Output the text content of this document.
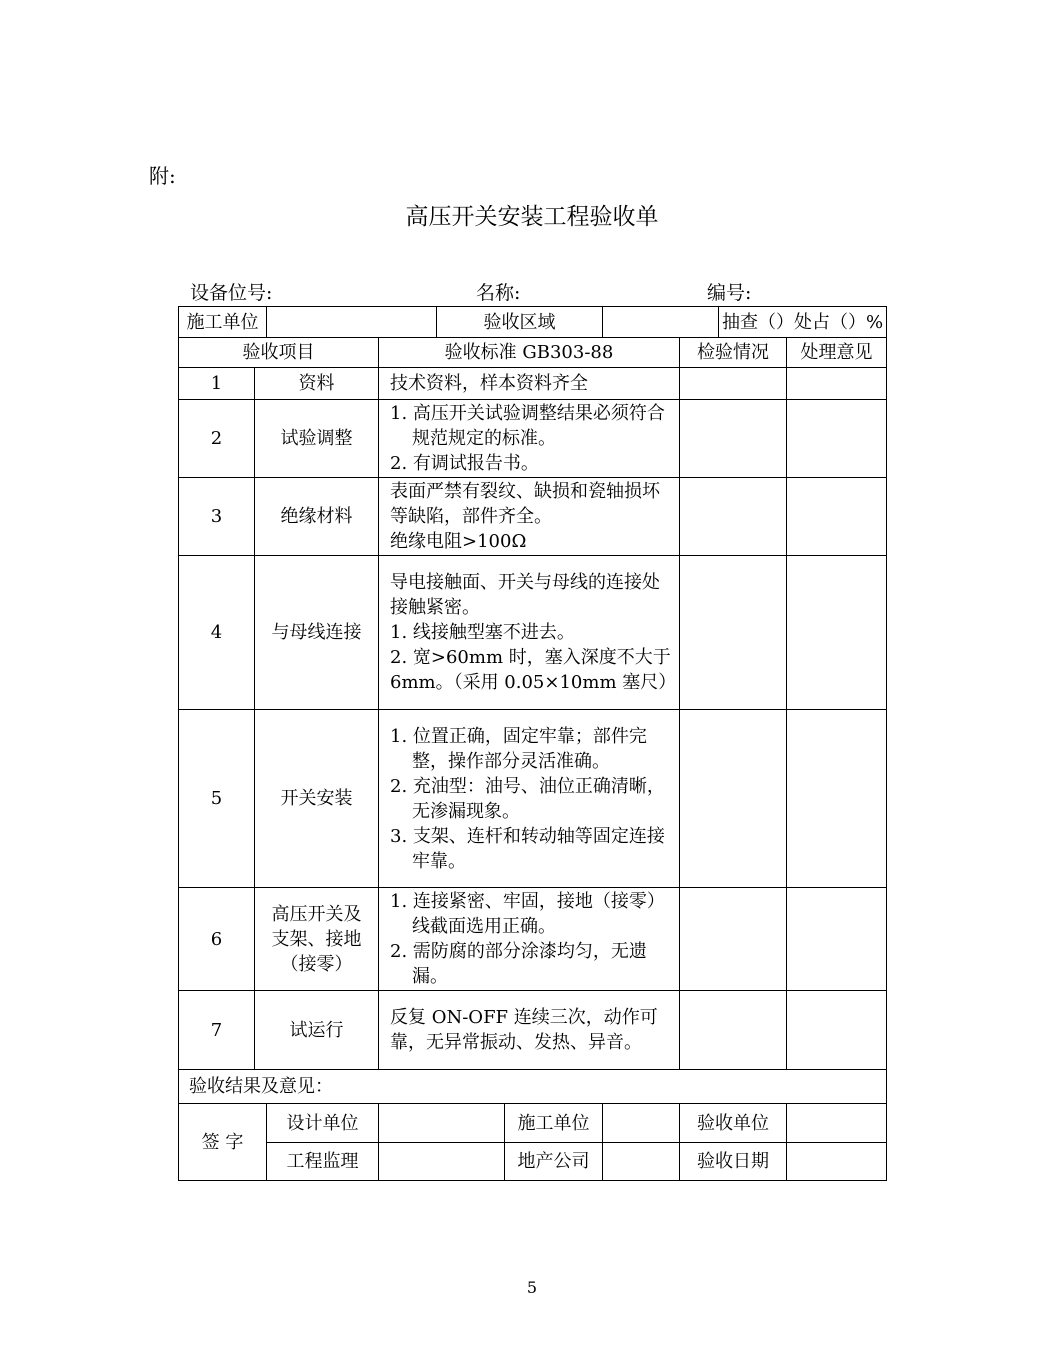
附:
高压开关安装工程验收单
设备位号:	名称:	编号:
施工单位				验收区域				抽查（）处占（）%	
验收项目			验收标准 GB303-88				检验情况		处理意见
1	资料		技术资料，样本资料齐全						

2	试验调整		1. 高压开关试验调整结果必须符合规范规定的标准。
2. 有调试报告书。						

3	绝缘材料		表面严禁有裂纹、缺损和瓷轴损坏等缺陷，部件齐全。
绝缘电阻>100Ω						

4	与母线连接		导电接触面、开关与母线的连接处接触紧密。
1. 线接触型塞不进去。
2. 宽>60mm 时，塞入深度不大于 6mm。（采用 0.05×10mm 塞尺）						

5	开关安装		1. 位置正确，固定牢靠；部件完整，操作部分灵活准确。
2. 充油型：油号、油位正确清晰，无渗漏现象。
3. 支架、连杆和转动轴等固定连接牢靠。						

6	高压开关及支架、接地（接零）		1. 连接紧密、牢固，接地（接零）线截面选用正确。
2. 需防腐的部分涂漆均匀，无遗漏。						

7	试运行		反复 ON-OFF 连续三次，动作可靠，无异常振动、发热、异音。						

验收结果及意见：									
签 字		设计单位			施工单位		验收单位		
		工程监理			地产公司		验收日期		
5
